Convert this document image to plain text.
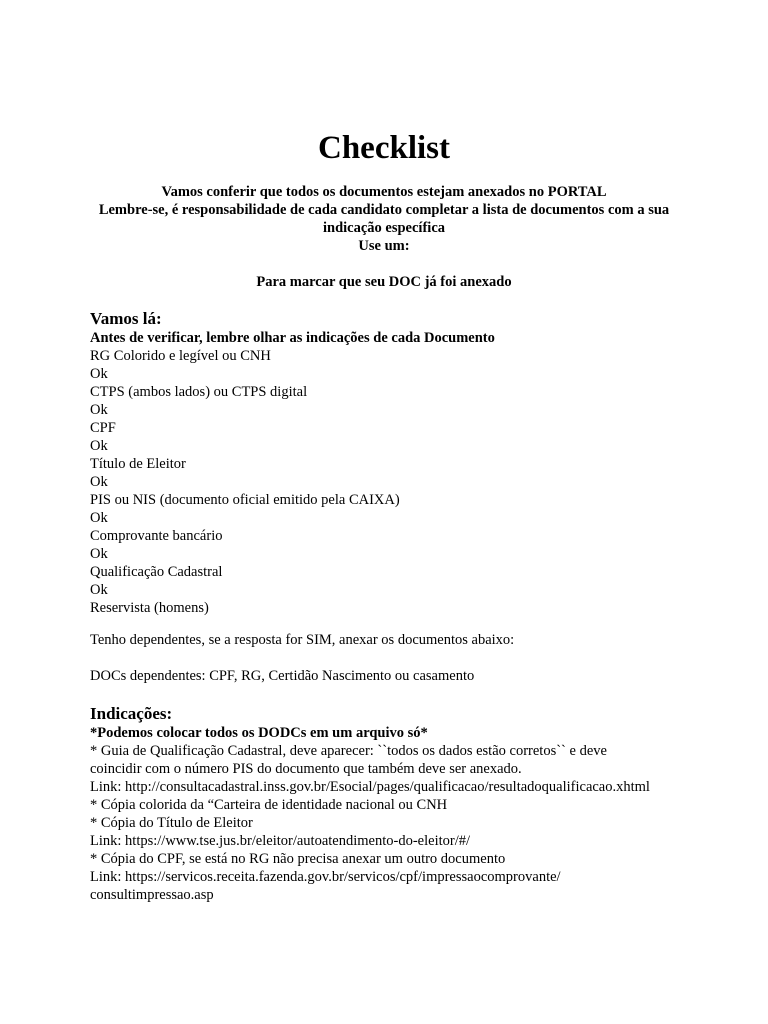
Checklist
Vamos conferir que todos os documentos estejam anexados no PORTAL
Lembre-se, é responsabilidade de cada candidato completar a lista de documentos com a sua indicação específica
Use um:
Para marcar que seu DOC já foi anexado
Vamos lá:
Antes de verificar, lembre olhar as indicações de cada Documento
RG Colorido e legível ou CNH
Ok
CTPS (ambos lados) ou CTPS digital
Ok
CPF
Ok
Título de Eleitor
Ok
PIS ou NIS (documento oficial emitido pela CAIXA)
Ok
Comprovante bancário
Ok
Qualificação Cadastral
Ok
Reservista (homens)
Tenho dependentes, se a resposta for SIM, anexar os documentos abaixo:
DOCs dependentes: CPF, RG, Certidão Nascimento ou casamento
Indicações:
*Podemos colocar todos os DODCs em um arquivo só*
* Guia de Qualificação Cadastral, deve aparecer: ``todos os dados estão corretos`` e deve
coincidir com o número PIS do documento que também deve ser anexado.
Link: http://consultacadastral.inss.gov.br/Esocial/pages/qualificacao/resultadoqualificacao.xhtml
* Cópia colorida da “Carteira de identidade nacional ou CNH
* Cópia do Título de Eleitor
Link: https://www.tse.jus.br/eleitor/autoatendimento-do-eleitor/#/
* Cópia do CPF, se está no RG não precisa anexar um outro documento
Link: https://servicos.receita.fazenda.gov.br/servicos/cpf/impressaocomprovante/
consultimpressao.asp
